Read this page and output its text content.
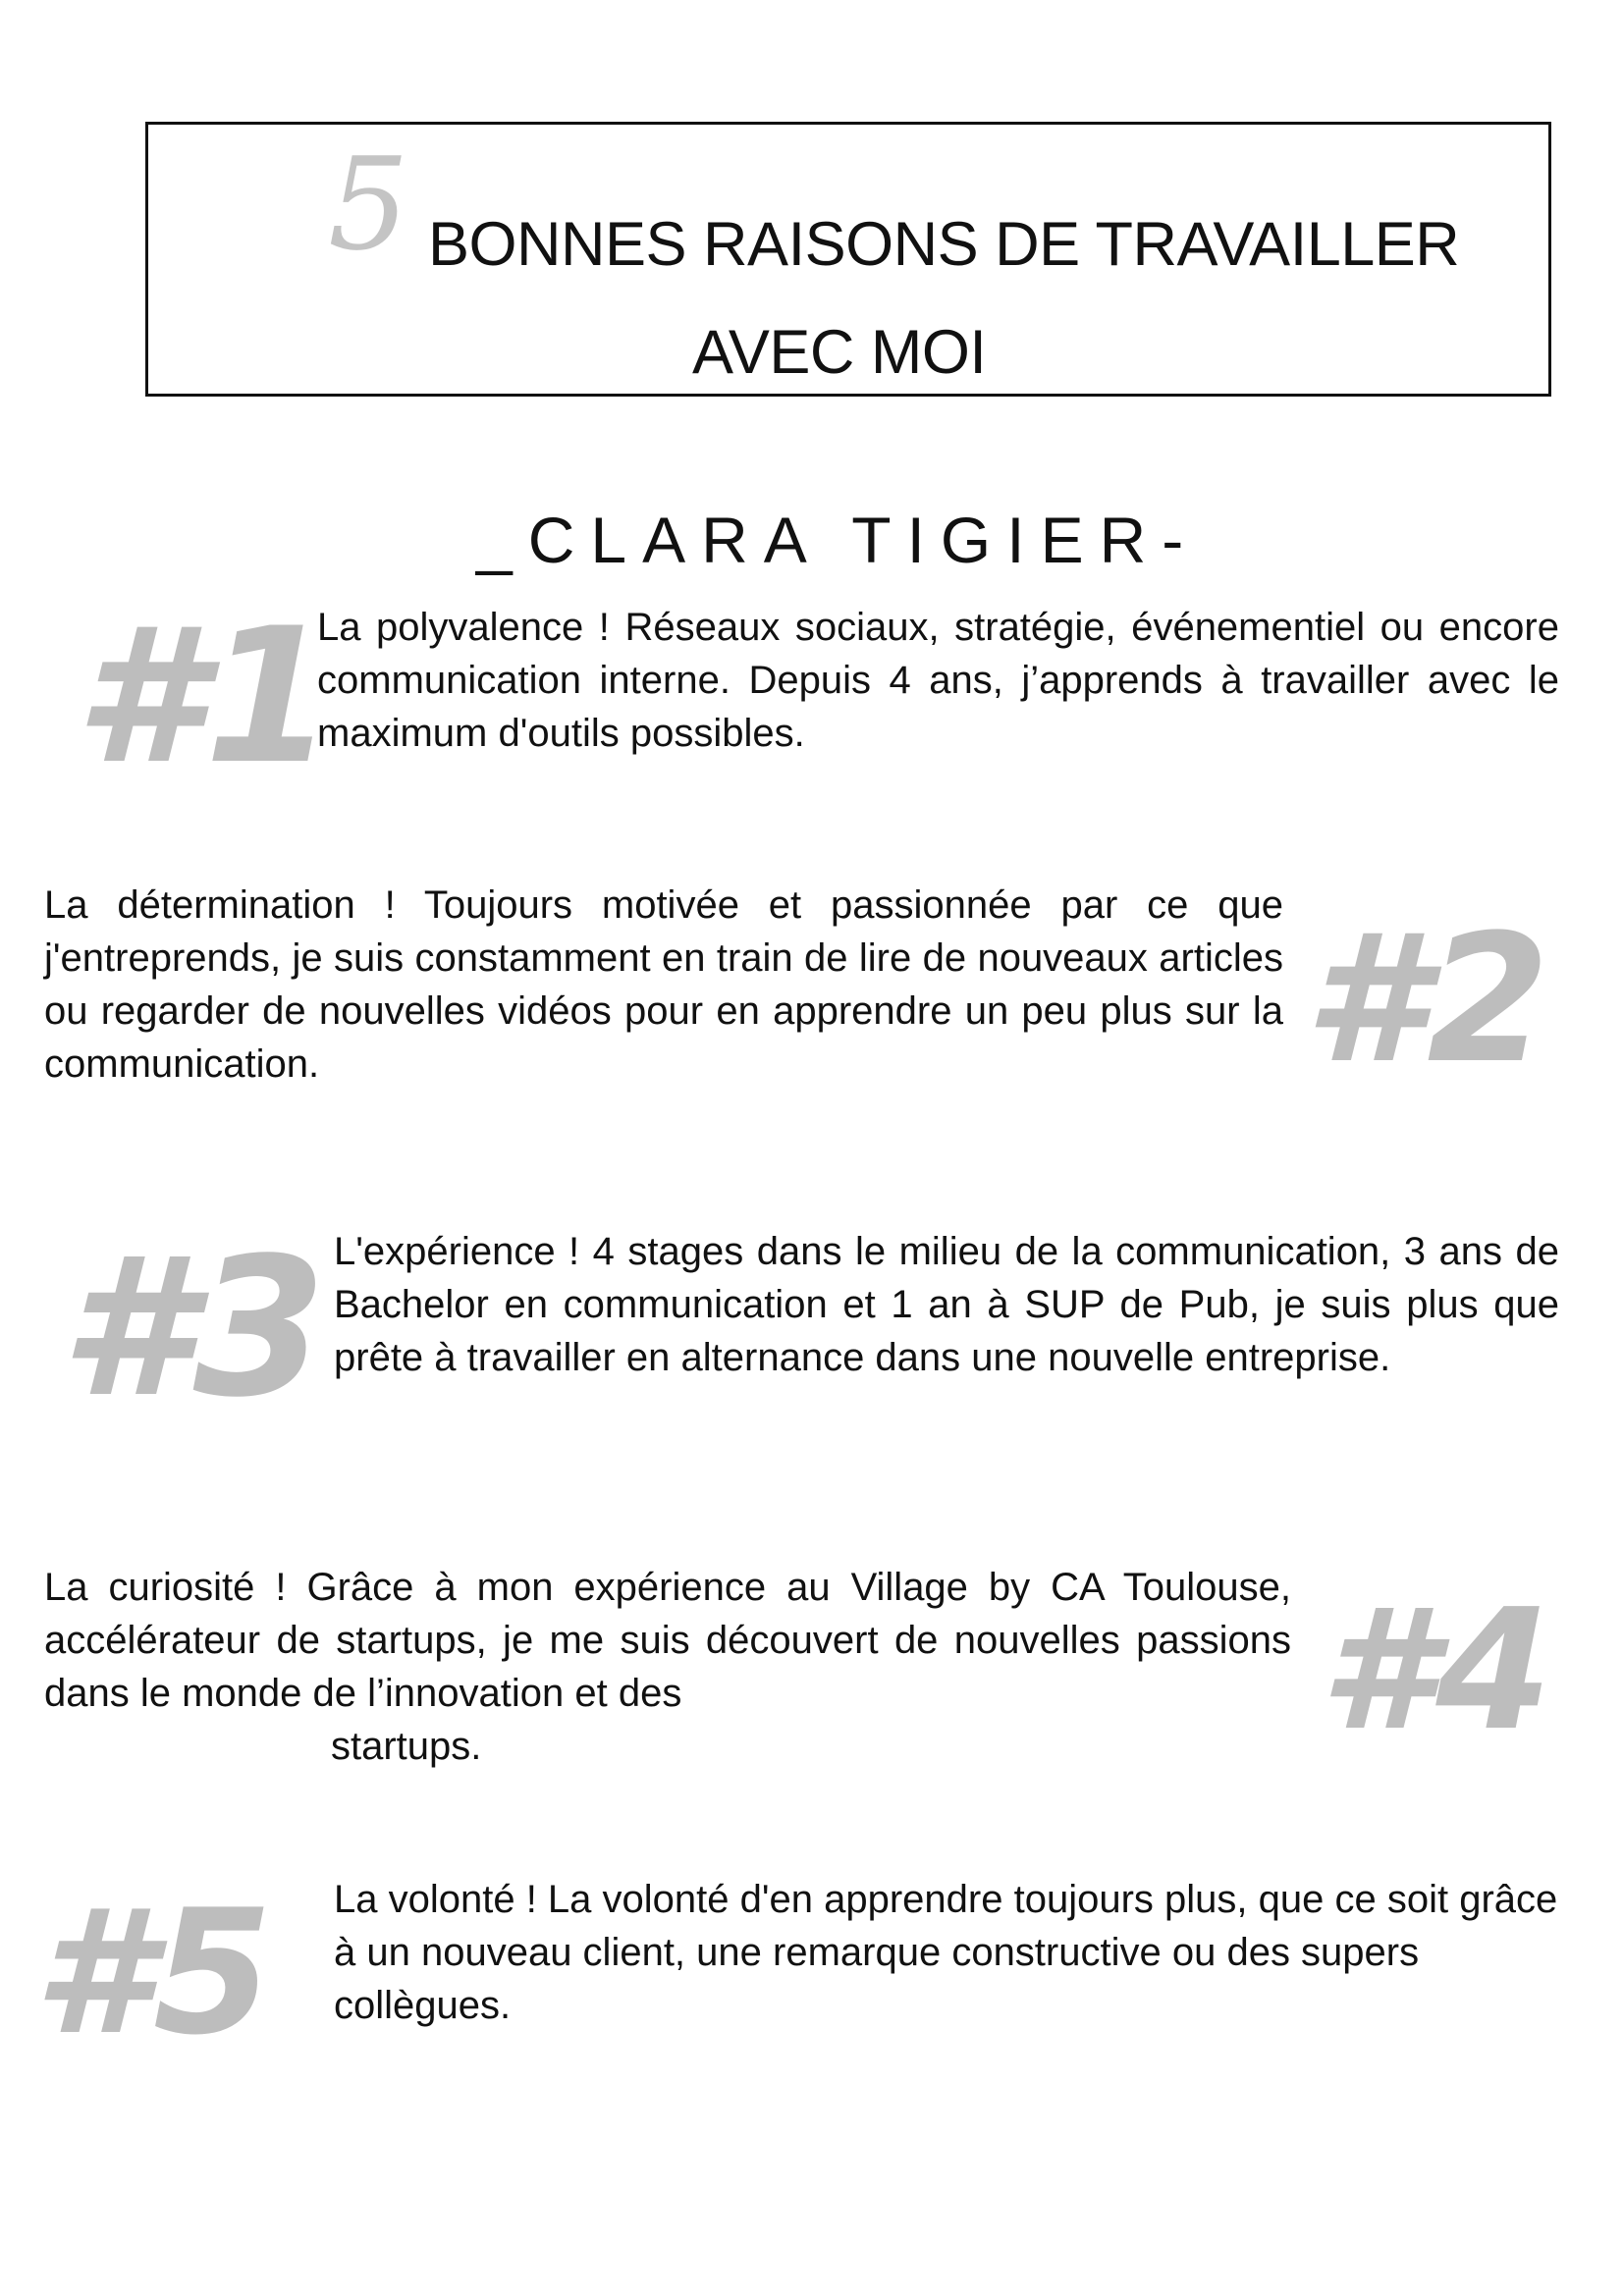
5 BONNES RAISONS DE TRAVAILLER
AVEC MOI
_CLARA TIGIER-
#1
La polyvalence ! Réseaux sociaux, stratégie, événementiel ou encore communication interne. Depuis 4 ans, j’apprends à travailler avec le maximum d'outils possibles.
La détermination ! Toujours motivée et passionnée par ce que j'entreprends, je suis constamment en train de lire de nouveaux articles ou regarder de nouvelles vidéos pour en apprendre un peu plus sur la communication.	#2
#3 L'expérience ! 4 stages dans le milieu de la communication, 3 ans de Bachelor en communication et 1 an à SUP de Pub, je suis plus que prête à travailler en alternance dans une nouvelle entreprise.
La curiosité ! Grâce à mon expérience au Village by CA Toulouse, accélérateur de startups, je me suis découvert de nouvelles passions dans le monde de l’innovation et des
startups.	#4
#5 La volonté ! La volonté d'en apprendre toujours plus, que ce soit grâce à un nouveau client, une remarque constructive ou des supers collègues.
